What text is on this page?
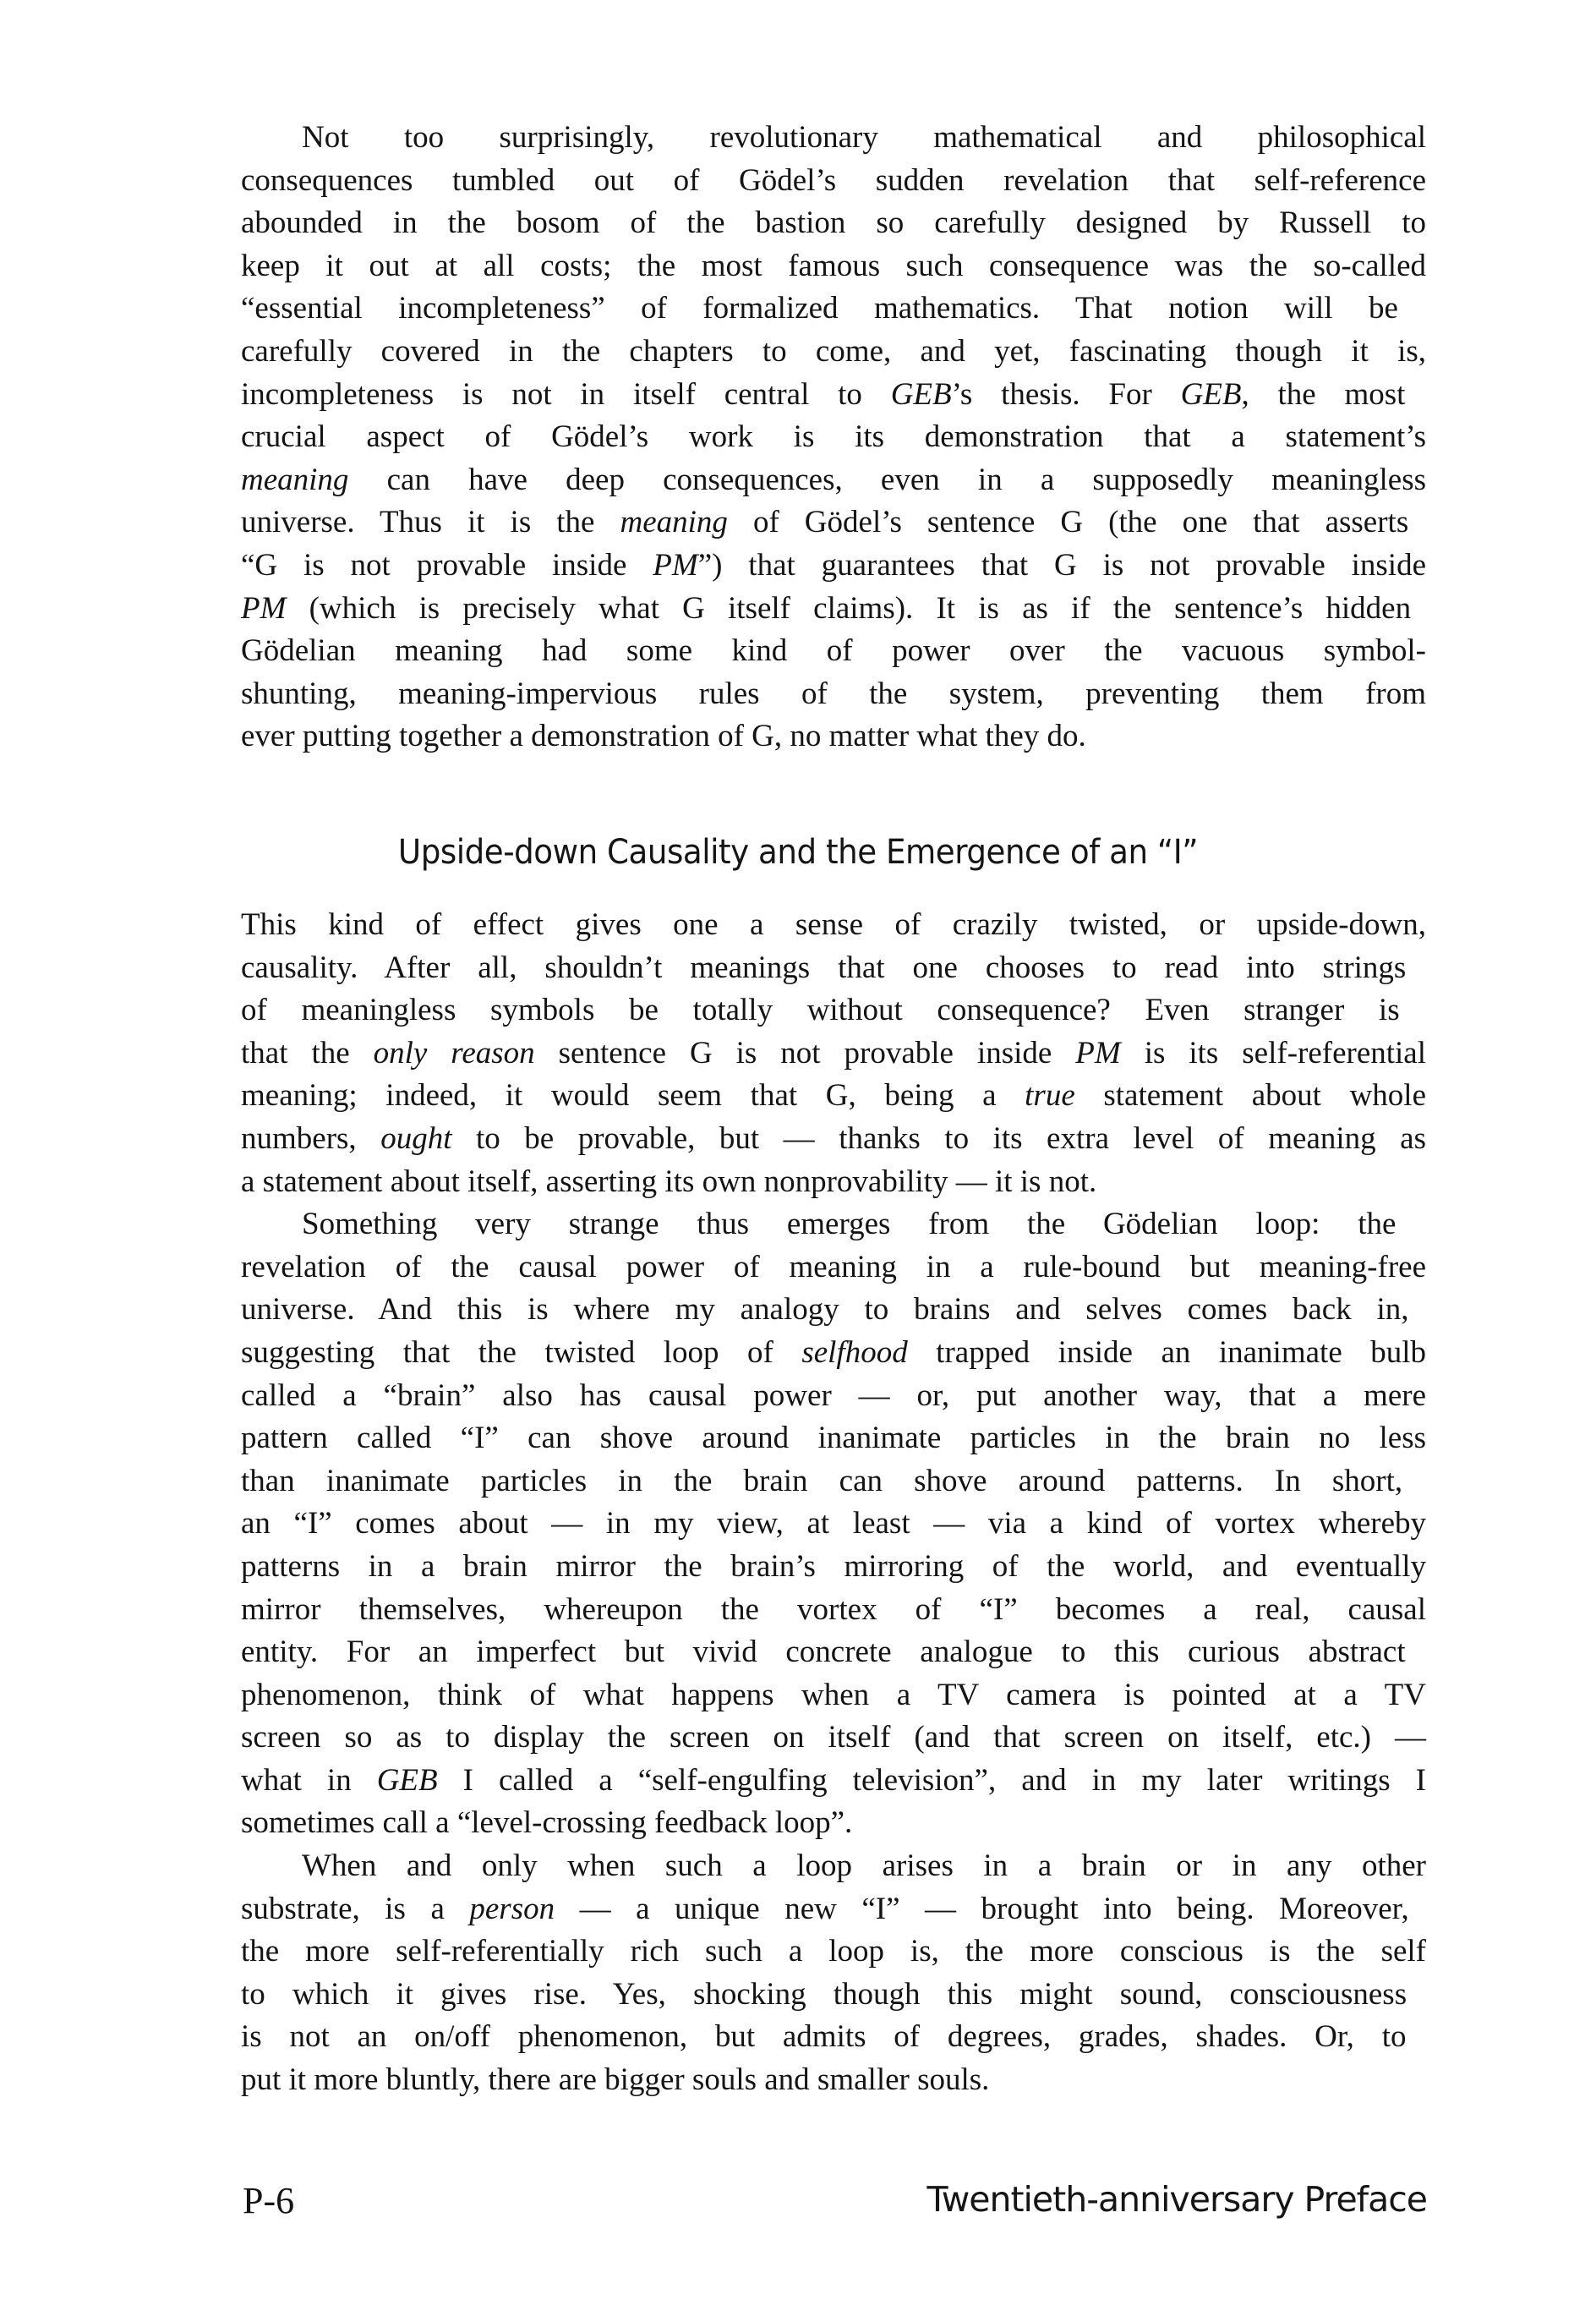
Not too surprisingly, revolutionary mathematical and philosophical
consequences tumbled out of Gödel’s sudden revelation that self-reference
abounded in the bosom of the bastion so carefully designed by Russell to
keep it out at all costs; the most famous such consequence was the so-called
“essential incompleteness” of formalized mathematics. That notion will be
carefully covered in the chapters to come, and yet, fascinating though it is,
incompleteness is not in itself central to GEB’s thesis. For GEB, the most
crucial aspect of Gödel’s work is its demonstration that a statement’s
meaning can have deep consequences, even in a supposedly meaningless
universe. Thus it is the meaning of Gödel’s sentence G (the one that asserts
“G is not provable inside PM”) that guarantees that G is not provable inside
PM (which is precisely what G itself claims). It is as if the sentence’s hidden
Gödelian meaning had some kind of power over the vacuous symbol-
shunting, meaning-impervious rules of the system, preventing them from
ever putting together a demonstration of G, no matter what they do.
Upside-down Causality and the Emergence of an “I”
This kind of effect gives one a sense of crazily twisted, or upside-down,
causality. After all, shouldn’t meanings that one chooses to read into strings
of meaningless symbols be totally without consequence? Even stranger is
that the only reason sentence G is not provable inside PM is its self-referential
meaning; indeed, it would seem that G, being a true statement about whole
numbers, ought to be provable, but — thanks to its extra level of meaning as
a statement about itself, asserting its own nonprovability — it is not.
Something very strange thus emerges from the Gödelian loop: the
revelation of the causal power of meaning in a rule-bound but meaning-free
universe. And this is where my analogy to brains and selves comes back in,
suggesting that the twisted loop of selfhood trapped inside an inanimate bulb
called a “brain” also has causal power — or, put another way, that a mere
pattern called “I” can shove around inanimate particles in the brain no less
than inanimate particles in the brain can shove around patterns. In short,
an “I” comes about — in my view, at least — via a kind of vortex whereby
patterns in a brain mirror the brain’s mirroring of the world, and eventually
mirror themselves, whereupon the vortex of “I” becomes a real, causal
entity. For an imperfect but vivid concrete analogue to this curious abstract
phenomenon, think of what happens when a TV camera is pointed at a TV
screen so as to display the screen on itself (and that screen on itself, etc.) —
what in GEB I called a “self-engulfing television”, and in my later writings I
sometimes call a “level-crossing feedback loop”.
When and only when such a loop arises in a brain or in any other
substrate, is a person — a unique new “I” — brought into being. Moreover,
the more self-referentially rich such a loop is, the more conscious is the self
to which it gives rise. Yes, shocking though this might sound, consciousness
is not an on/off phenomenon, but admits of degrees, grades, shades. Or, to
put it more bluntly, there are bigger souls and smaller souls.
P-6	Twentieth-anniversary Preface
